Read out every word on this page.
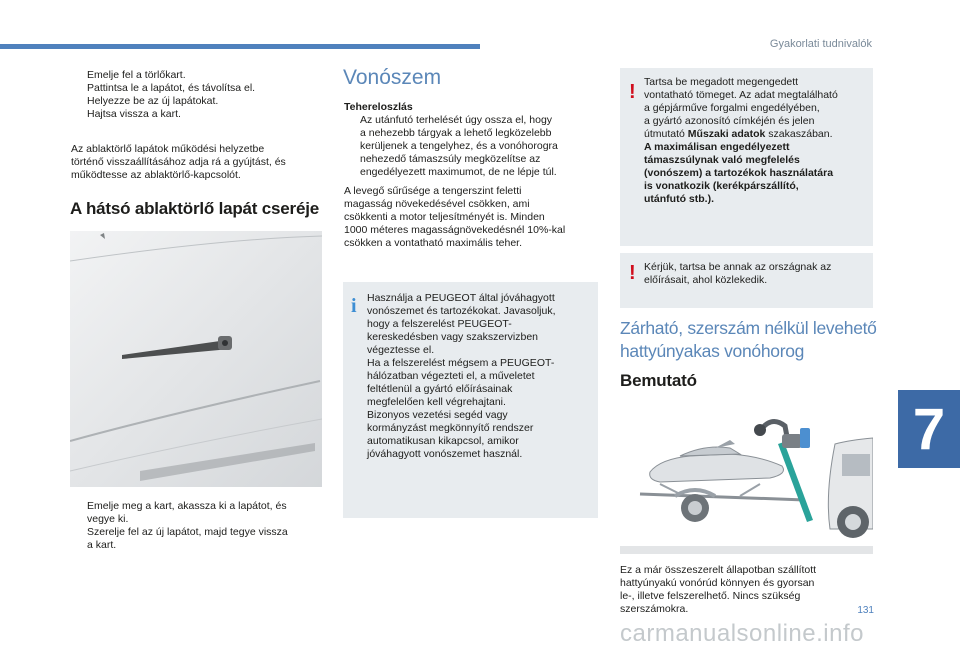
Gyakorlati tudnivalók
7
131
Emelje fel a törlőkart.
Pattintsa le a lapátot, és távolítsa el.
Helyezze be az új lapátokat.
Hajtsa vissza a kart.
Az ablaktörlő lapátok működési helyzetbe
történő visszaállításához adja rá a gyújtást, és
működtesse az ablaktörlő-kapcsolót.
A hátsó ablaktörlő lapát cseréje
Emelje meg a kart, akassza ki a lapátot, és
vegye ki.
Szerelje fel az új lapátot, majd tegye vissza
a kart.
Vonószem
Tehereloszlás
Az utánfutó terhelését úgy ossza el, hogy
a nehezebb tárgyak a lehető legközelebb
kerüljenek a tengelyhez, és a vonóhorogra
nehezedő támaszsúly megközelítse az
engedélyezett maximumot, de ne lépje túl.
A levegő sűrűsége a tengerszint feletti
magasság növekedésével csökken, ami
csökkenti a motor teljesítményét is. Minden
1000 méteres magasságnövekedésnél 10%-kal
csökken a vontatható maximális teher.
i Használja a PEUGEOT által jóváhagyott
vonószemet és tartozékokat. Javasoljuk,
hogy a felszerelést PEUGEOT-
kereskedésben vagy szakszervizben
végeztesse el.
Ha a felszerelést mégsem a PEUGEOT-
hálózatban végezteti el, a műveletet
feltétlenül a gyártó előírásainak
megfelelően kell végrehajtani.
Bizonyos vezetési segéd vagy
kormányzást megkönnyítő rendszer
automatikusan kikapcsol, amikor
jóváhagyott vonószemet használ.
! Tartsa be megadott megengedett
vontatható tömeget. Az adat megtalálható
a gépjárműve forgalmi engedélyében,
a gyártó azonosító címkéjén és jelen
útmutató Műszaki adatok szakaszában.
A maximálisan engedélyezett
támaszsúlynak való megfelelés
(vonószem) a tartozékok használatára
is vonatkozik (kerékpárszállító,
utánfutó stb.).
! Kérjük, tartsa be annak az országnak az
előírásait, ahol közlekedik.
Zárható, szerszám nélkül levehető
hattyúnyakas vonóhorog
Bemutató
Ez a már összeszerelt állapotban szállított
hattyúnyakú vonórúd könnyen és gyorsan
le-, illetve felszerelhető. Nincs szükség
szerszámokra.
carmanualsonline.info
